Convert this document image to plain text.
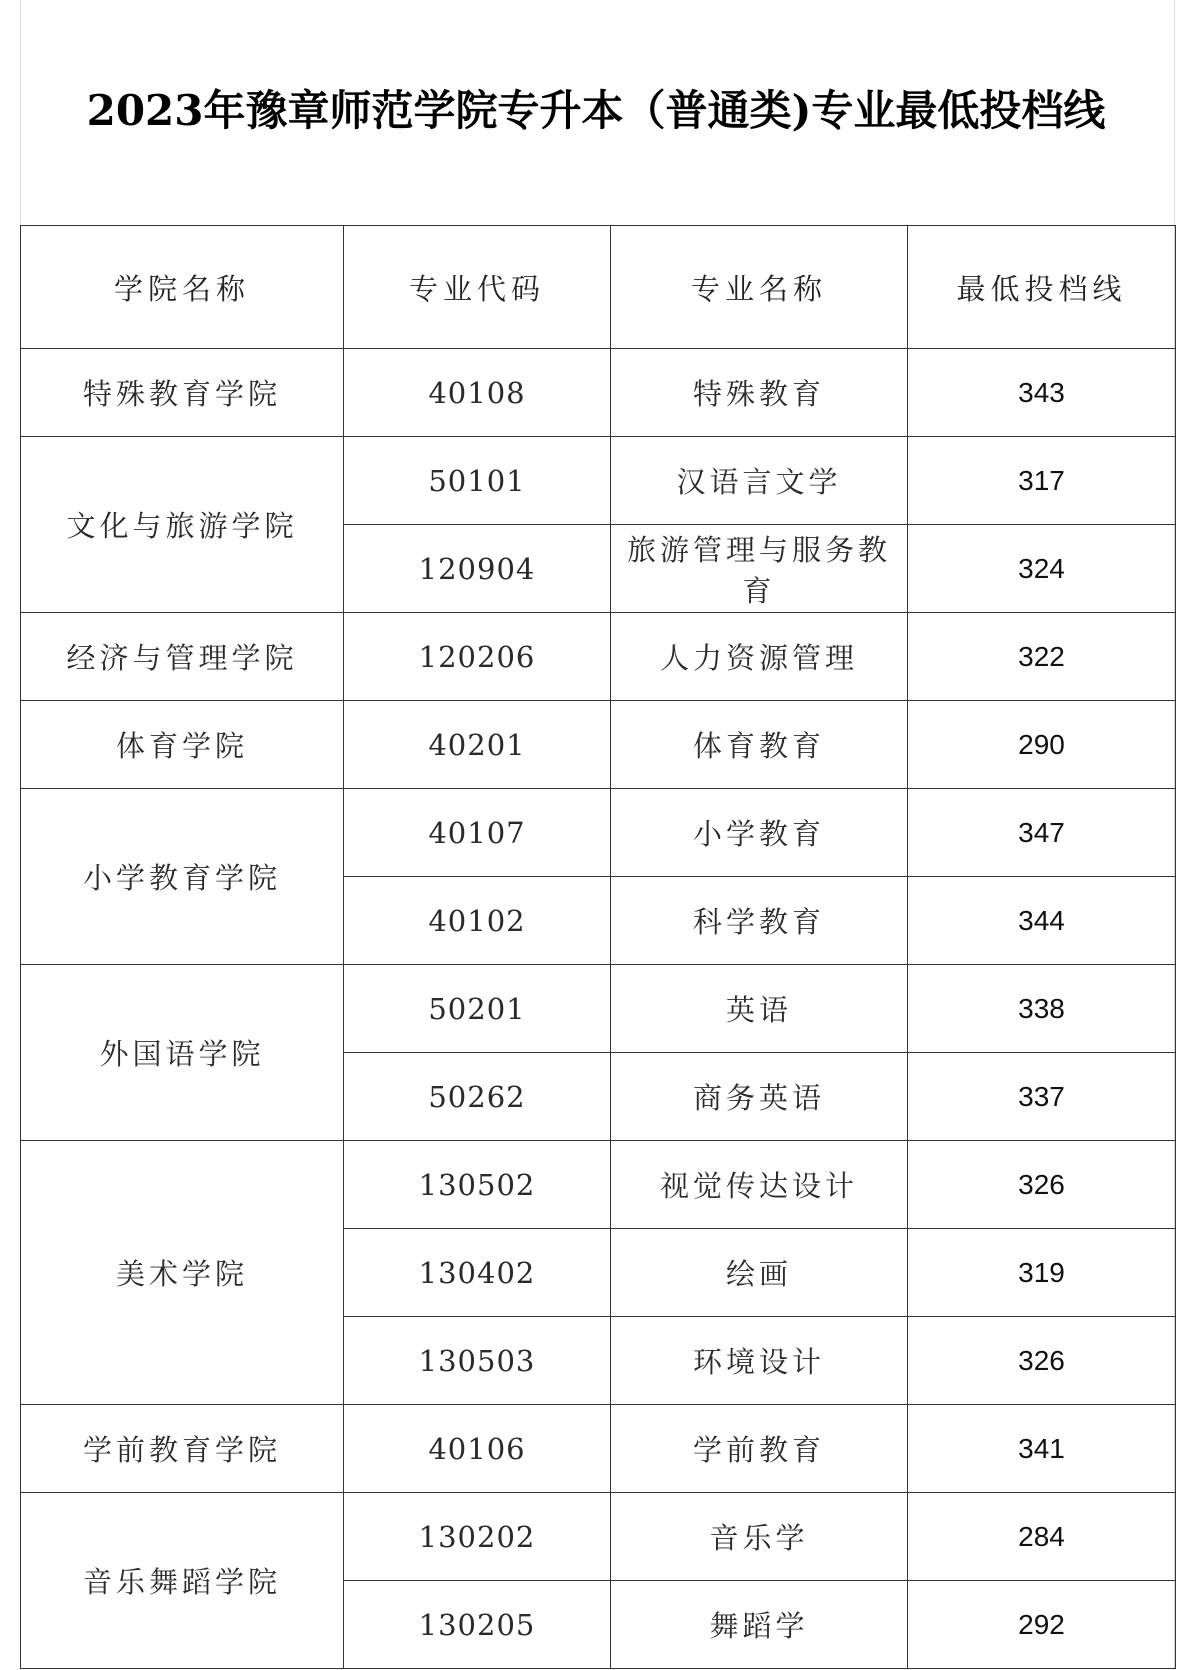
2023年豫章师范学院专升本（普通类)专业最低投档线
学院名称	专业代码	专业名称	最低投档线
特殊教育学院	40108	特殊教育	343
文化与旅游学院	50101	汉语言文学	317
	120904	旅游管理与服务教育	324
经济与管理学院	120206	人力资源管理	322
体育学院	40201	体育教育	290
小学教育学院	40107	小学教育	347
	40102	科学教育	344
外国语学院	50201	英语	338
	50262	商务英语	337
美术学院	130502	视觉传达设计	326
	130402	绘画	319
	130503	环境设计	326
学前教育学院	40106	学前教育	341
音乐舞蹈学院	130202	音乐学	284
	130205	舞蹈学	292
